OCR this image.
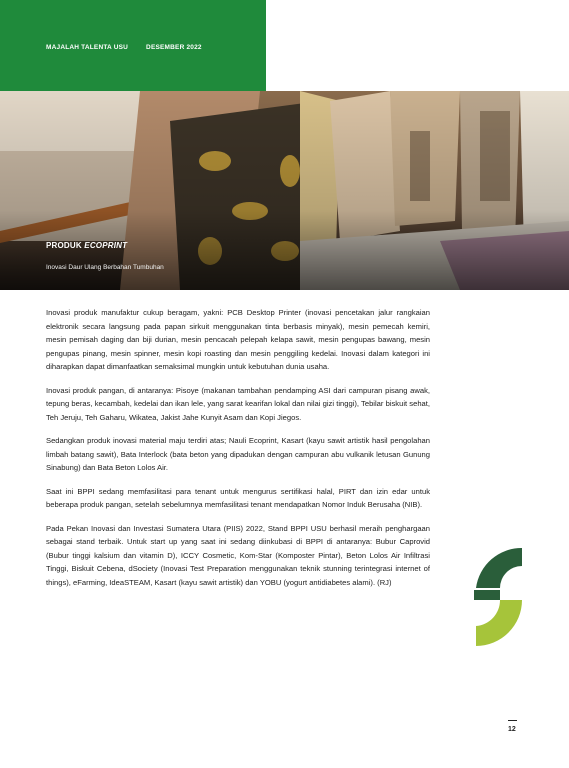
MAJALAH TALENTA USU	DESEMBER 2022
PRODUK ECOPRINT
Inovasi Daur Ulang Berbahan Tumbuhan

Inovasi produk manufaktur cukup beragam, yakni: PCB Desktop Printer (inovasi pencetakan jalur rangkaian elektronik secara langsung pada papan sirkuit menggunakan tinta berbasis minyak), mesin pemecah kemiri, mesin pemisah daging dan biji durian, mesin pencacah pelepah kelapa sawit, mesin pengupas bawang, mesin pengupas pinang, mesin spinner, mesin kopi roasting dan mesin penggiling kedelai. Inovasi dalam kategori ini diharapkan dapat dimanfaatkan semaksimal mungkin untuk kebutuhan dunia usaha.

Inovasi produk pangan, di antaranya: Pisoye (makanan tambahan pendamping ASI dari campuran pisang awak, tepung beras, kecambah, kedelai dan ikan lele, yang sarat kearifan lokal dan nilai gizi tinggi), Tebilar biskuit sehat, Teh Jeruju, Teh Gaharu, Wikatea, Jakist Jahe Kunyit Asam dan Kopi Jiegos.

Sedangkan produk inovasi material maju terdiri atas; Nauli Ecoprint, Kasart (kayu sawit artistik hasil pengolahan limbah batang sawit), Bata Interlock (bata beton yang dipadukan dengan campuran abu vulkanik letusan Gunung Sinabung) dan Bata Beton Lolos Air.

Saat ini BPPI sedang memfasilitasi para tenant untuk mengurus sertifikasi halal, PIRT dan izin edar untuk beberapa produk pangan, setelah sebelumnya memfasilitasi tenant mendapatkan Nomor Induk Berusaha (NIB).

Pada Pekan Inovasi dan Investasi Sumatera Utara (PIIS) 2022, Stand BPPI USU berhasil meraih penghargaan sebagai stand terbaik. Untuk start up yang saat ini sedang diinkubasi di BPPI di antaranya: Bubur Caprovid (Bubur tinggi kalsium dan vitamin D), ICCY Cosmetic, Kom-Star (Komposter Pintar), Beton Lolos Air Infiltrasi Tinggi, Biskuit Cebena, dSociety (Inovasi Test Preparation menggunakan teknik stunning terintegrasi internet of things), eFarming, IdeaSTEAM, Kasart (kayu sawit artistik) dan YOBU (yogurt antidiabetes alami). (RJ)

12
